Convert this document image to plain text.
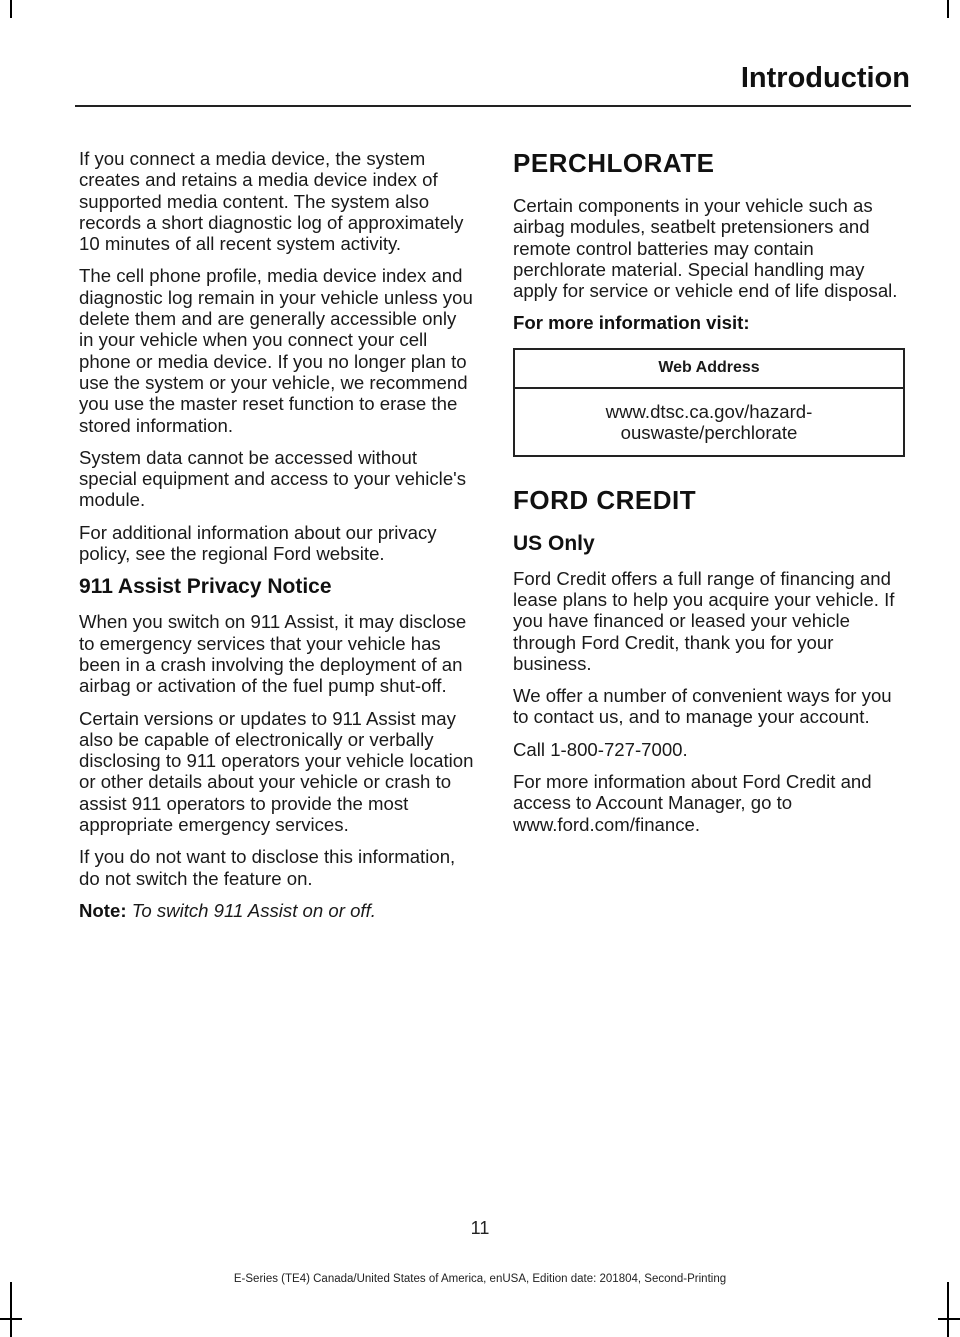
Introduction

If you connect a media device, the system creates and retains a media device index of supported media content. The system also records a short diagnostic log of approximately 10 minutes of all recent system activity.

The cell phone profile, media device index and diagnostic log remain in your vehicle unless you delete them and are generally accessible only in your vehicle when you connect your cell phone or media device. If you no longer plan to use the system or your vehicle, we recommend you use the master reset function to erase the stored information.

System data cannot be accessed without special equipment and access to your vehicle's module.

For additional information about our privacy policy, see the regional Ford website.

911 Assist Privacy Notice

When you switch on 911 Assist, it may disclose to emergency services that your vehicle has been in a crash involving the deployment of an airbag or activation of the fuel pump shut-off.

Certain versions or updates to 911 Assist may also be capable of electronically or verbally disclosing to 911 operators your vehicle location or other details about your vehicle or crash to assist 911 operators to provide the most appropriate emergency services.

If you do not want to disclose this information, do not switch the feature on.

Note: To switch 911 Assist on or off.

PERCHLORATE

Certain components in your vehicle such as airbag modules, seatbelt pretensioners and remote control batteries may contain perchlorate material. Special handling may apply for service or vehicle end of life disposal.

For more information visit:

Web Address
www.dtsc.ca.gov/hazard-ouswaste/perchlorate
FORD CREDIT
US Only

Ford Credit offers a full range of financing and lease plans to help you acquire your vehicle. If you have financed or leased your vehicle through Ford Credit, thank you for your business.

We offer a number of convenient ways for you to contact us, and to manage your account.

Call 1-800-727-7000.

For more information about Ford Credit and access to Account Manager, go to www.ford.com/finance.

11
E-Series (TE4) Canada/United States of America, enUSA, Edition date: 201804, Second-Printing
